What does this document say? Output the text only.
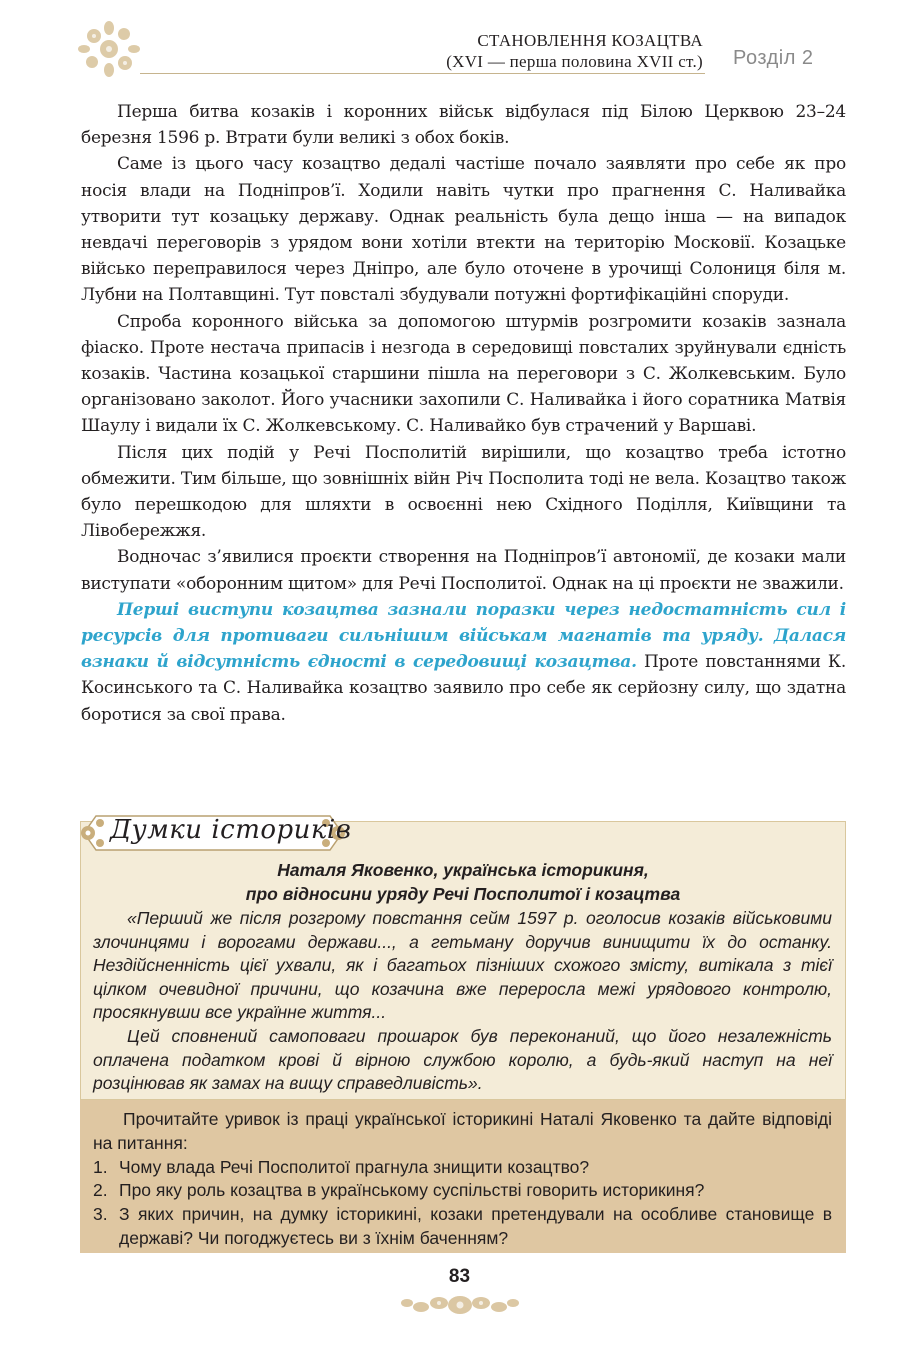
СТАНОВЛЕННЯ КОЗАЦТВА
(XVI — перша половина XVII ст.) Розділ 2

Перша битва козаків і коронних військ відбулася під Білою Церквою 23–24 березня 1596 р. Втрати були великі з обох боків.

Саме із цього часу козацтво дедалі частіше почало заявляти про себе як про носія влади на Подніпров’ї. Ходили навіть чутки про прагнення С. Наливайка утворити тут козацьку державу. Однак реальність була дещо інша — на випадок невдачі переговорів з урядом вони хотіли втекти на територію Московії. Козацьке військо переправилося через Дніпро, але було оточене в урочищі Солониця біля м. Лубни на Полтавщині. Тут повсталі збудували потужні фортифікаційні споруди.

Спроба коронного війська за допомогою штурмів розгромити козаків зазнала фіаско. Проте нестача припасів і незгода в середовищі повсталих зруйнували єдність козаків. Частина козацької старшини пішла на переговори з С. Жолкевським. Було організовано заколот. Його учасники захопили С. Наливайка і його соратника Матвія Шаулу і видали їх С. Жолкевському. С. Наливайко був страчений у Варшаві.

Після цих подій у Речі Посполитій вирішили, що козацтво треба істотно обмежити. Тим більше, що зовнішніх війн Річ Посполита тоді не вела. Козацтво також було перешкодою для шляхти в освоєнні нею Східного Поділля, Київщини та Лівобережжя.

Водночас з’явилися проєкти створення на Подніпров’ї автономії, де козаки мали виступати «оборонним щитом» для Речі Посполитої. Однак на ці проєкти не зважили.

Перші виступи козацтва зазнали поразки через недостатність сил і ресурсів для противаги сильнішим військам магнатів та уряду. Далася взнаки й відсутність єдності в середовищі козацтва. Проте повстаннями К. Косинського та С. Наливайка козацтво заявило про себе як серйозну силу, що здатна боротися за свої права.

Думки істориків
Наталя Яковенко, українська історикиня,
про відносини уряду Речі Посполитої і козацтва

«Перший же після розгрому повстання сейм 1597 р. оголосив козаків військовими злочинцями і ворогами держави..., а гетьману доручив винищити їх до останку. Нездійсненність цієї ухвали, як і багатьох пізніших схожого змісту, витікала з тієї цілком очевидної причини, що козачина вже переросла межі урядового контролю, просякнувши все українне життя...

Цей сповнений самоповаги прошарок був переконаний, що його незалежність оплачена податком крові й вірною службою королю, а будь-який наступ на неї розцінював як замах на вищу справедливість».

Прочитайте уривок із праці української історикині Наталі Яковенко та дайте відповіді на питання:

1. Чому влада Речі Посполитої прагнула знищити козацтво?
2. Про яку роль козацтва в українському суспільстві говорить историкиня?
3. З яких причин, на думку історикині, козаки претендували на особливе становище в державі? Чи погоджуєтесь ви з їхнім баченням?
83
